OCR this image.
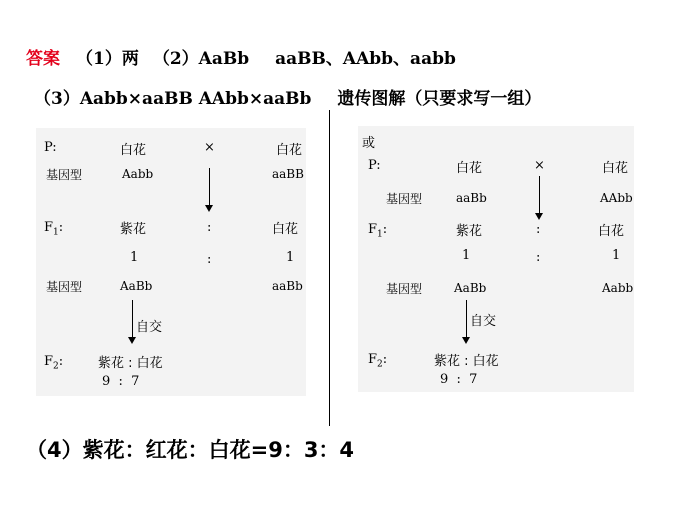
答案 （1）两 （2）AaBb aaBB、AAbb、aabb
（3）Aabb×aaBB AAbb×aaBb 遗传图解（只要求写一组）
P:	白花	×	白花
基因型	Aabb	aaBB
$F_1$:	紫花	:	白花
1	:	1
基因型	AaBb	aaBb
自交
$F_2$:	紫花 : 白花
9  :  7
或
P:	白花	×	白花
基因型	aaBb	AAbb
$F_1$:	紫花	:	白花
1	:	1
基因型	AaBb	Aabb
自交
$F_2$:	紫花 : 白花
9  :  7
（4）紫花：红花：白花=9：3：4
